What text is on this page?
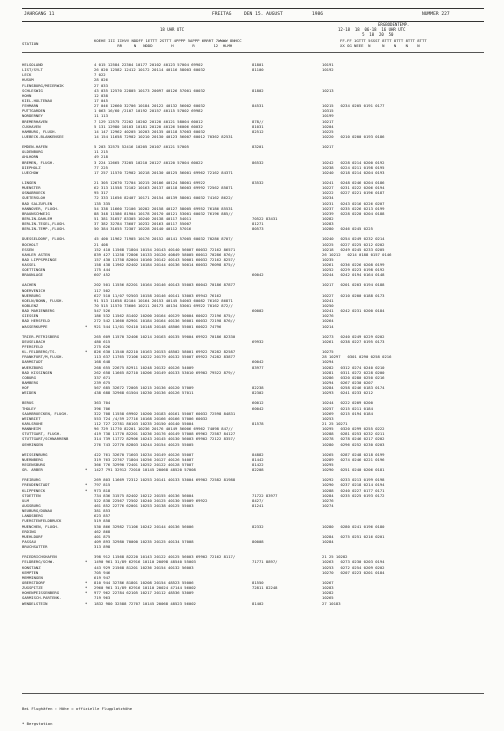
JAHRGANG 11	FREITAG	DEN 15. AUGUST	1986	NUMMER 227
ERGBODENTEMP.
18 UHR UTC	12-18  18  06-18  16 UHR UTC
5  10  20  50

STATION

KOEHE III IIHVV NDDFF 1ETTT 2STTT 4PPPP 5APPP 6RRRT 7WWWW 8NHCC

RR     N   NDDD        H        R        12  HLMH

FF-FF 1GTTT 5SSST 8TTT 8TTT 8TTT 8TTT

XX GG NEEE  N     N    N    N    N

HELGOLAND	4 015 12584 22304 10177 20102 40123 57004 69902	81801	10191
LIST/SYLT	26 020 12582 12412 10172 20114 40116 58003 60032	81100	10192
LECK	7 022
HUSUM	28 026
FLENSBURG/MEIERWIK	27 033
SCHLESWIG	43 035 12570 22805 10173 20097 40126 57001 60032	81802	10213
HOHN	12 038
KIEL-HOLTENAU	17 045
FEHMARN	27 046 12660 32706 10184 20122 40132 56002 60032	84531	10215   0234 0205 0191 0177
PUTTGARDEN	1 063 16/60 /2107 10192 20157 40115 57002 69982	10315
NORDERNEY	11 113	10199
BREMERHAVEN	7 129 12575 72202 10202 20120 40121 58004 60012	878//	10217
CUXHAVEN	5 131 12980 10103 10181 20120 40126 56006 60032	81031	10204
HAMBURG, FLUGH.	14 147 12962 40205 10203 20135 40118 57003 60032	82512	10225
LUEBECK-BLANKENSEE	14 154 11658 72902 10210 20130 40123 56007 60012 70362 82531	10220   0210 0200 0193 0186
EMDEN-HAFEN	5 203 32575 52416 10205 20107 40121 57005	83201	10217
OLDENBURG	11 215
AHLHORN	49 218
BREMEN, FLUGH.	3 224 12665 73205 10210 20127 40120 57004 60022	86532	10242   0228 0214 0200 0192
DIEPHOLZ	77 225	10238   0224 0211 0198 0195
LUECHOW	17 257 11570 72902 10218 20130 40125 56001 69962 72162 84371	10240   0218 0214 0204 0193
LINGEN	21 305 12670 72704 10215 20106 40124 58001 69922	83532	10241   0248 0246 0204 0186
MUENSTER	62 313 11558 72102 10163 20137 40118 56003 69992 72562 85871	10227   0231 0222 0206 0194
OSNABRUECK	95 317	10222   0227 0221 0196 0187
GUETERSLOH	72 333 11656 82407 10171 20154 40139 58001 60032 74162 8622/	10234
BAD SALZUFLEN	135 335	10231   0243 0216 0226 0207
HANNOVER, FLUGH.	54 338 11660 72106 10202 20158 40127 58005 69952 76186 85531	10237   0235 0226 0213 0199
BRAUNSCHWEIG	88 348 11586 81904 10178 20170 40121 53001 60032 76196 885//	10239   0228 0220 0204 0188
BERLIN-DAHLEM	51 381 31657 83305 10240 20138 40117 54011	70522 83431	10282
BERLIN-TEGEL,FLUGH.	37 382 32784 73607 10232 20163 40117 55007	81271	10283
BERLIN-TEMP.,FLUGH.	50 384 31655 72307 10228 20140 40112 57016	80573	10280   0246 0245 0225
DUESSELDORF, FLUGH.	45 400 11962 71905 10176 20152 40141 57005 60032 70286 8707/	10240   0254 0249 0232 0214
BOCHOLT	21 408	10225   0227 0225 0212 0202
ESSEN	152 410 11568 71804 10154 20143 40140 56007 60032 72162 86571	10218   0249 0245 0233 0205
KAHLER ASTEN	839 427 11258 72806 10133 20120 40849 58005 60012 70286 876//	26 10212   0214 0188 0157 0146
BAD LIPPSPRINGE	157 430 11758 82004 10160 20142 40143 50001 60032 72162 8257/	10235
KASSEL	158 438 11962 82402 10184 20144 40136 50014 60032 76098 875//	10261   0236 0226 0208 0199
GOETTINGEN	175 444	10252   0229 0223 0198 0192
BRAUNLAGE	607 452	60042	10244   0242 0194 0164 0148
AACHEN	202 501 11556 82201 10164 20146 40143 55003 60042 70186 87877	10217   0201 0203 0194 0188
NOERVENICH	117 502
NUERBURG	627 510 11/07 92503 10158 20146 40141 53003 69942 76162	10227   0210 0200 0188 0173
KOELN/BONN, FLUGH.	91 513 11658 82104 10164 20153 40145 54003 60082 76162 86871	10241
KOBLENZ	70 515 11570 73606 10211 20173 40134 53001 69922 70162 872//	10250
BAD MARIENBERG	547 526	60002	10241   0242 0231 0200 0184
GIESSEN	186 532 11562 81402 10200 20164 40129 50004 60022 72196 875//	10276
BAD HERSFELD	272 542 11660 82901 10184 20164 40136 56001 60032 72198 876//	10264
WASSERKUPPE	* 921 544 11/01 92410 10148 20148 48506 55001 60022 74796	10214
TRIER-PETRISBERG	265 609 11570 32406 10214 20163 40135 59004 69922 70186 82330	10273   0240 0249 0229 0202
DEUSELBACH	480 615	69932	10261   0238 0227 0195 0173
PFERSFELD	275 626
KL.FELDBERG/TS.	* 826 630 11540 82210 10163 20153 48502 58001 69922 70282 82587	10275
FRANKFURT/M,FLUGH.	113 637 11765 72106 10222 20179 40132 55007 69922 74282 83877	28 10297   0301 0290 0258 0216
DARMSTADT	168 648	60042	10294
WUERZBURG	268 655 22675 82911 10248 20132 40126 54009	83977	10282   0312 0274 0240 0210
BAD KISSINGEN	262 658 11665 82710 10206 20149 40133 53010 69902 79522 879//	10281   0311 0272 0228 0200
COBURG	337 671	10286   0320 0280 0250 0216
BAMBERG	239 675	10294   0267 0230 0207
HOF	567 685 32672 72005 10215 20136 40120 57009	82238	10284   0258 0246 0183 0174
WEIDEN	438 688 32968 61504 10230 20136 40126 57011	82302	10293   0241 0233 0212
BERUS	363 704	60012	10244   0222 0209 0200
THOLEY	396 706	60042	10257   0215 0211 0184
SAARBRUECKEN, FLUGH.	322 708 11558 69902 10200 20183 40161 55007 60032 72598 84831	10269   0215 0194 0184
WEINBIET	553 724 /4/59 27716 10168 20166 40166 57006 60032	10253
KARLSRUHE	112 727 22781 80103 10235 20150 40140 55004	81578	21 25 10271
MANNHEIM	96 729 11770 82201 10236 20176 40149 56006 69962 74098 847//	10295   0320 0299 0255 0222
STUTTGART, FLUGH.	419 738 11770 82201 10236 20176 40149 57008 69962 72587 84127	10288   0281 0253 0232 0211
STUTTGART/SCHNARRENB	314 739 11772 82906 10243 20145 40130 56003 69902 72122 8357/	10278   0278 0246 0217 0202
OEHRINGEN	276 743 22770 82803 10244 20154 40125 55005	10280   0296 0252 0230 0203
WEISSENBURG	422 761 32670 71603 10234 20149 40126 55007	84882	10265   0287 0248 0218 0199
NUERNBERG	319 763 22767 71804 10256 20127 40126 54007	81442	10289   0274 0246 0221 0196
REGENSBURG	366 776 32990 72401 10252 20122 40128 57007	81422	10295
GR. ARBER	* 1427 791 32912 72010 10145 20068 48520 57008	82208	10290   0251 0240 0206 0181
FREIBURG	269 803 11669 72312 10253 20141 40133 53004 69902 72582 81988	10292   0233 0213 0199 0198
FREUDENSTADT	* 797 815	10290   0237 0218 0214 0194
KLIPPENECK	* 973 818	10288   0240 0227 0177 0171
STOETTEN	734 836 31575 82402 10212 20155 40136 56004	71722 83977	10284   0235 0225 0193 0172
ULM	522 838 22567 72502 10240 20125 40130 55009 69922	8427/	10276
AUGSBURG	461 852 22776 62001 10253 20138 40125 55003	81241	10274
NEUBURG/DONAU	381 853
LANDSBERG	623 857
FUERSTENFELDBRUCK	519 858
MUENCHEN, FLUGH.	530 866 32982 71106 10242 20144 40136 56006	82332	10280   0280 0241 0196 0180
ERDING	462 868
MUEHLDORF	401 875	10284   0275 0251 0216 0201
PASSAU	409 893 32980 70000 10235 20125 40134 57008	80008	10284
BRUCHSATTER	313 898
FRIEDRICHSHAFEN	398 912 11568 82220 10143 20122 40125 56003 69902 72162 8117/	21 25 10282
FELDBERG/SCHW.	* 1490 961 31/89 62916 10110 20098 48540 55003	71771 8897/	10263   0273 0230 0203 0194
KONSTANZ	443 929 21568 81201 10236 20154 40132 56003	10253   0272 0254 0209 0202
KEMPTEN	705 946	10270   0207 0223 0201 0184
MEMMINGEN	619 947
OBERSTDORF	* 810 944 32786 81801 10208 20154 48523 55006	81550	10267
ZUGSPITZE	* 2960 961 31/89 62916 10110 20024 47144 56002	72811 82248	10283
HOHENPEISSENBERG	* 977 962 22784 62105 10217 20112 48536 53009	10282
GARMISCH-PARTENK.	719 963	10265
WENDELSTEIN	* 1832 980 32588 72707 10145 20068 48523 56002	81402	27 10183

Bei Flughäfen : Höhe = offizielle Flugplatzhöhe

* Bergstation
